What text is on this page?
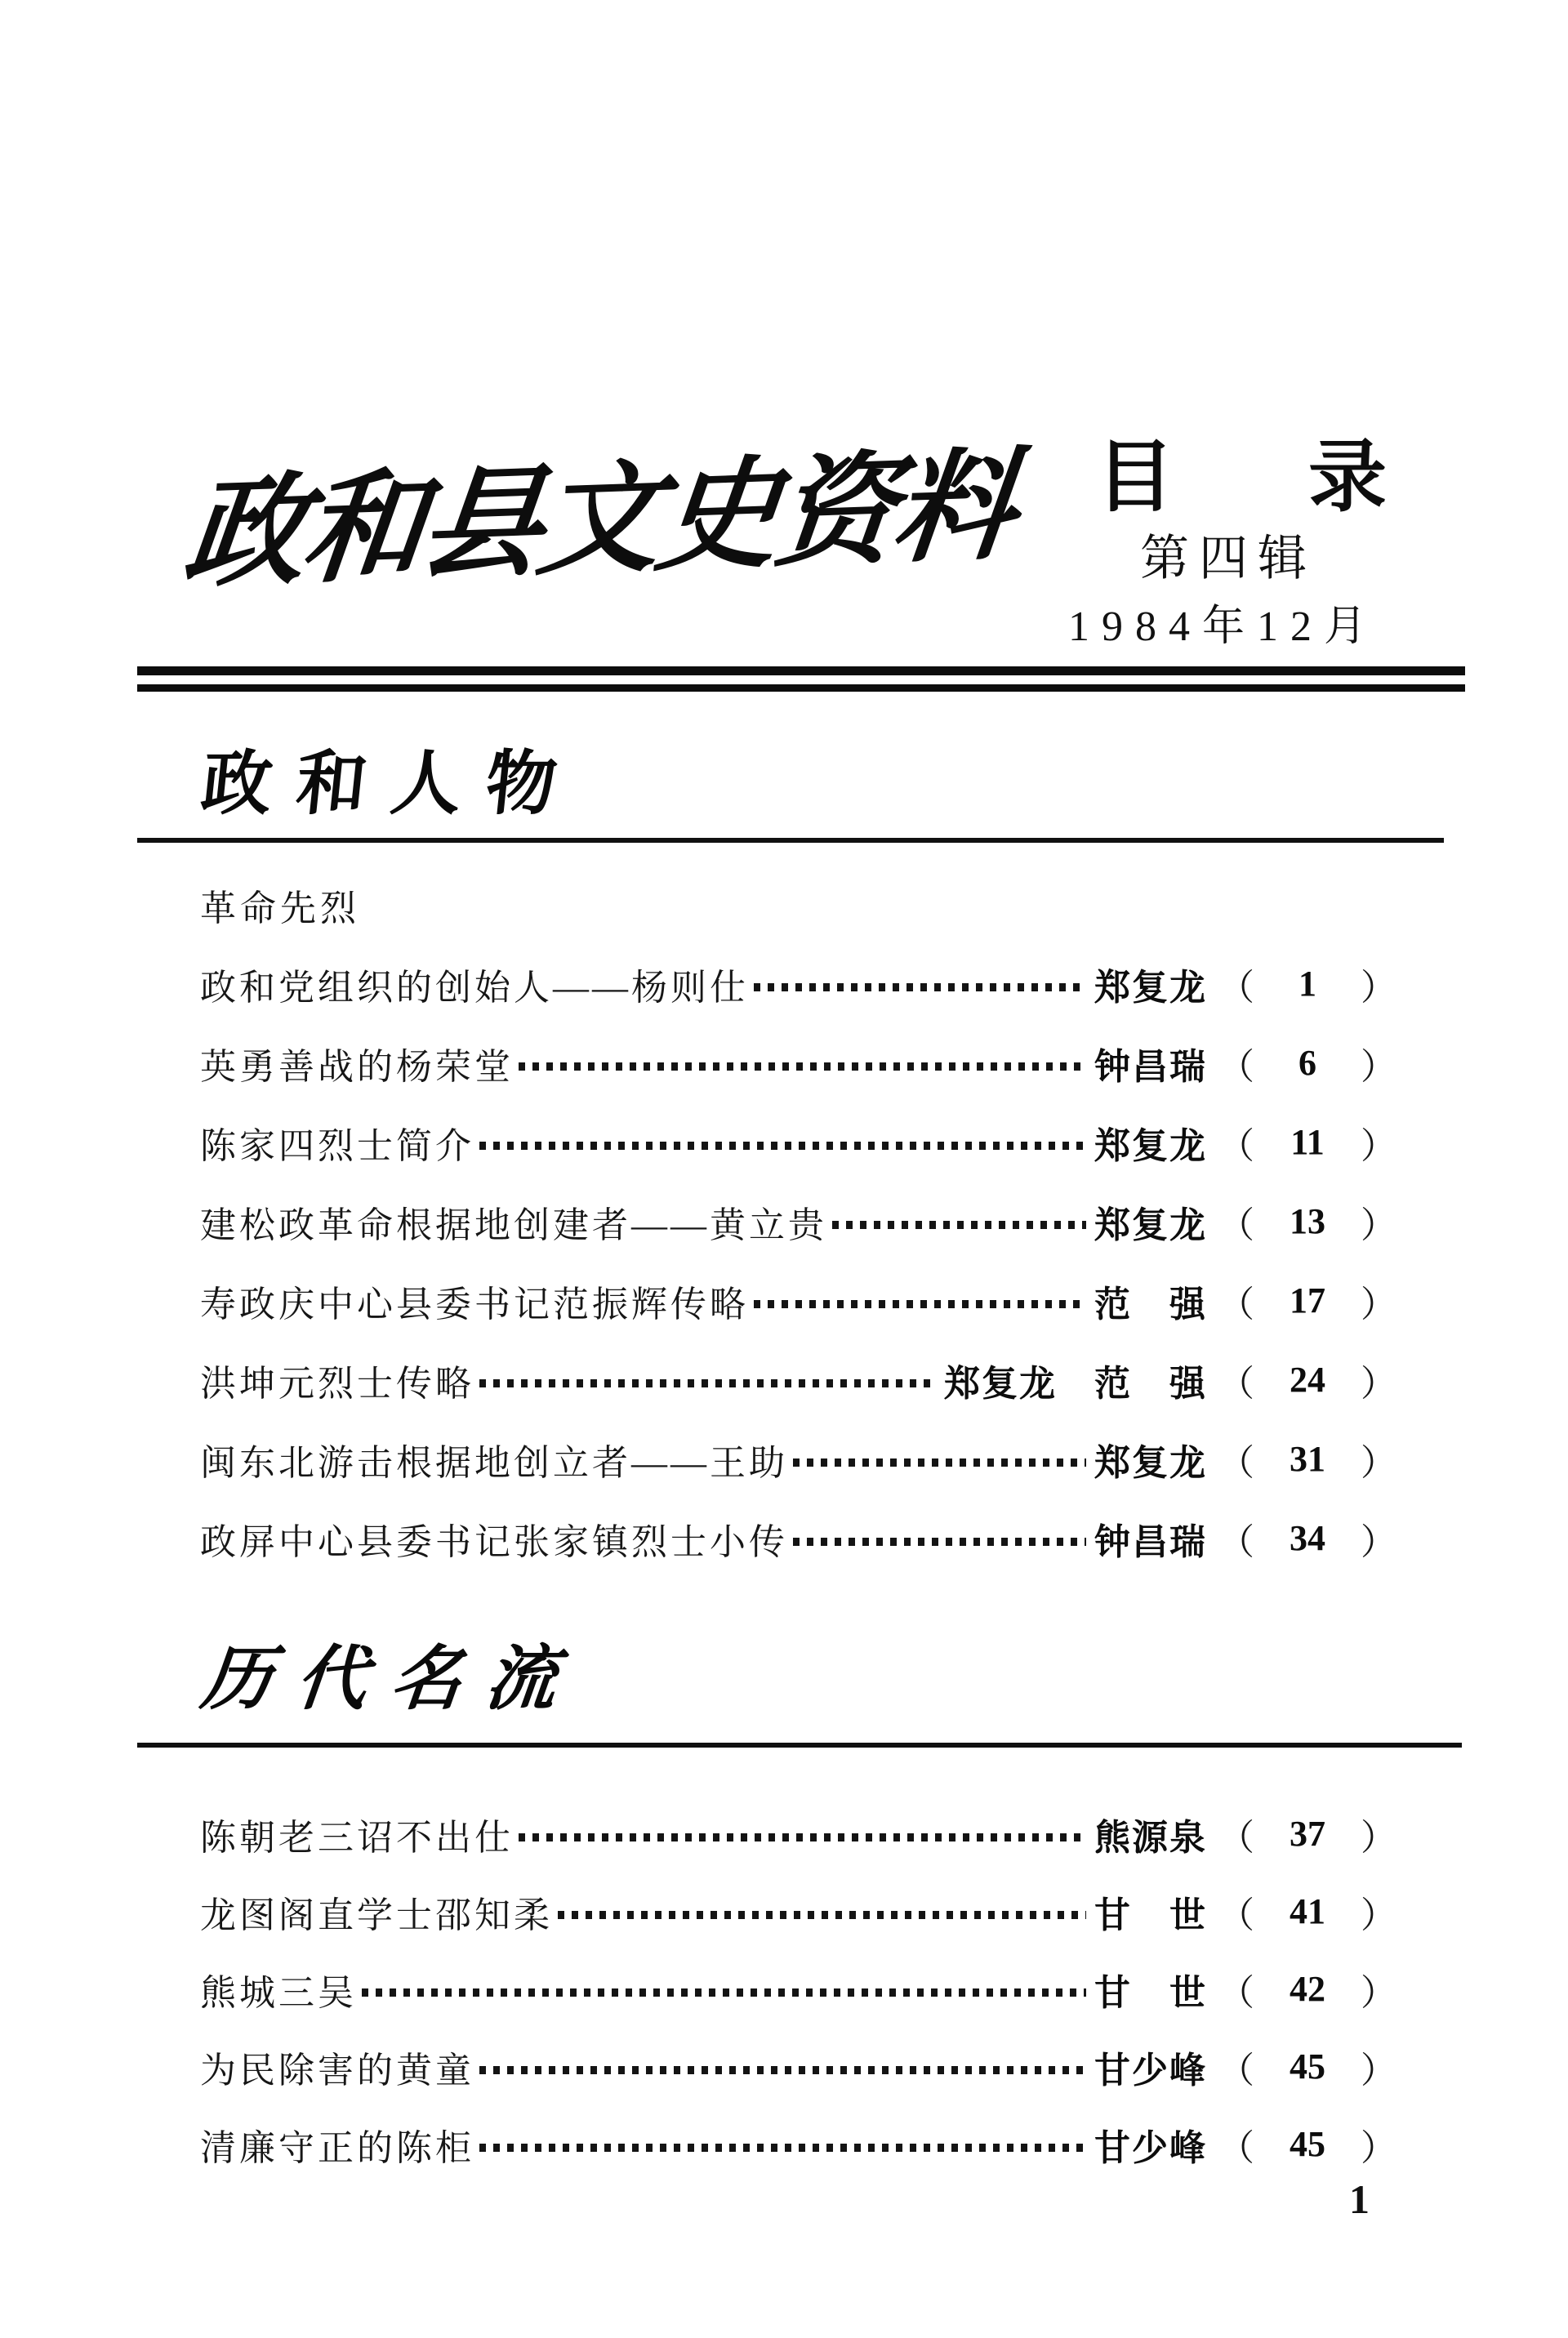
政和县文史资料 目　录
第四辑
1984年12月
政和人物
革命先烈
政和党组织的创始人——杨则仕	郑复龙 （ 1 ）
英勇善战的杨荣堂	钟昌瑞 （ 6 ）
陈家四烈士简介	郑复龙 （ 11 ）
建松政革命根据地创建者——黄立贵	郑复龙 （ 13 ）
寿政庆中心县委书记范振辉传略	范　强 （ 17 ）
洪坤元烈士传略	郑复龙　范　强 （ 24 ）
闽东北游击根据地创立者——王助	郑复龙 （ 31 ）
政屏中心县委书记张家镇烈士小传	钟昌瑞 （ 34 ）
历代名流
陈朝老三诏不出仕	熊源泉 （ 37 ）
龙图阁直学士邵知柔	甘　世 （ 41 ）
熊城三吴	甘　世 （ 42 ）
为民除害的黄童	甘少峰 （ 45 ）
清廉守正的陈柜	甘少峰 （ 45 ）
1
